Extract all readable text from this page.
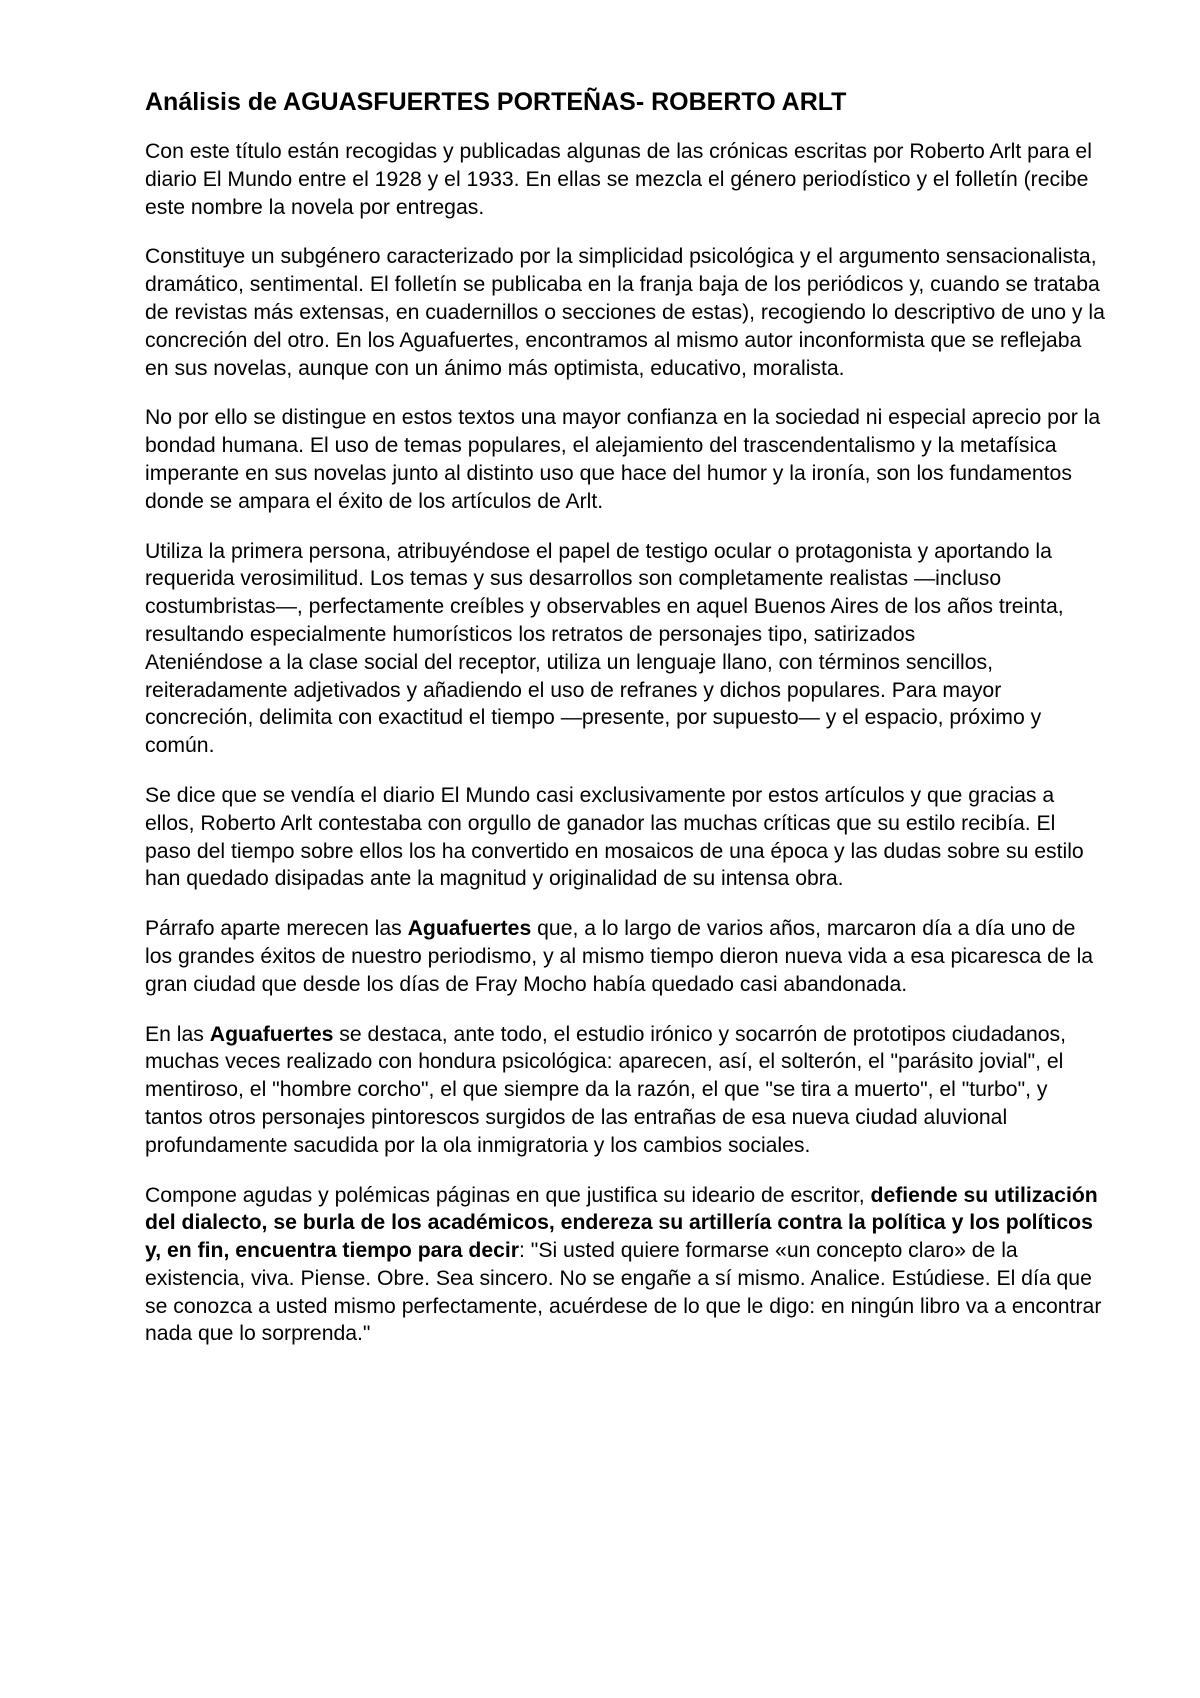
Análisis de AGUASFUERTES PORTEÑAS- ROBERTO ARLT

Con este título están recogidas y publicadas algunas de las crónicas escritas por Roberto Arlt para el diario El Mundo entre el 1928 y el 1933. En ellas se mezcla el género periodístico y el folletín (recibe este nombre la novela por entregas.

Constituye un subgénero caracterizado por la simplicidad psicológica y el argumento sensacionalista, dramático, sentimental. El folletín se publicaba en la franja baja de los periódicos y, cuando se trataba de revistas más extensas, en cuadernillos o secciones de estas), recogiendo lo descriptivo de uno y la concreción del otro. En los Aguafuertes, encontramos al mismo autor inconformista que se reflejaba en sus novelas, aunque con un ánimo más optimista, educativo, moralista.

No por ello se distingue en estos textos una mayor confianza en la sociedad ni especial aprecio por la bondad humana. El uso de temas populares, el alejamiento del trascendentalismo y la metafísica imperante en sus novelas junto al distinto uso que hace del humor y la ironía, son los fundamentos donde se ampara el éxito de los artículos de Arlt.

Utiliza la primera persona, atribuyéndose el papel de testigo ocular o protagonista y aportando la requerida verosimilitud. Los temas y sus desarrollos son completamente realistas —incluso costumbristas—, perfectamente creíbles y observables en aquel Buenos Aires de los años treinta, resultando especialmente humorísticos los retratos de personajes tipo, satirizados

Ateniéndose a la clase social del receptor, utiliza un lenguaje llano, con términos sencillos, reiteradamente adjetivados y añadiendo el uso de refranes y dichos populares. Para mayor concreción, delimita con exactitud el tiempo —presente, por supuesto— y el espacio, próximo y común.

Se dice que se vendía el diario El Mundo casi exclusivamente por estos artículos y que gracias a ellos, Roberto Arlt contestaba con orgullo de ganador las muchas críticas que su estilo recibía. El paso del tiempo sobre ellos los ha convertido en mosaicos de una época y las dudas sobre su estilo han quedado disipadas ante la magnitud y originalidad de su intensa obra.

Párrafo aparte merecen las Aguafuertes que, a lo largo de varios años, marcaron día a día uno de los grandes éxitos de nuestro periodismo, y al mismo tiempo dieron nueva vida a esa picaresca de la gran ciudad que desde los días de Fray Mocho había quedado casi abandonada.

En las Aguafuertes se destaca, ante todo, el estudio irónico y socarrón de prototipos ciudadanos, muchas veces realizado con hondura psicológica: aparecen, así, el solterón, el "parásito jovial", el mentiroso, el "hombre corcho", el que siempre da la razón, el que "se tira a muerto", el "turbo", y tantos otros personajes pintorescos surgidos de las entrañas de esa nueva ciudad aluvional profundamente sacudida por la ola inmigratoria y los cambios sociales.

Compone agudas y polémicas páginas en que justifica su ideario de escritor, defiende su utilización del dialecto, se burla de los académicos, endereza su artillería contra la política y los políticos y, en fin, encuentra tiempo para decir: "Si usted quiere formarse «un concepto claro» de la existencia, viva. Piense. Obre. Sea sincero. No se engañe a sí mismo. Analice. Estúdiese. El día que se conozca a usted mismo perfectamente, acuérdese de lo que le digo: en ningún libro va a encontrar nada que lo sorprenda."
